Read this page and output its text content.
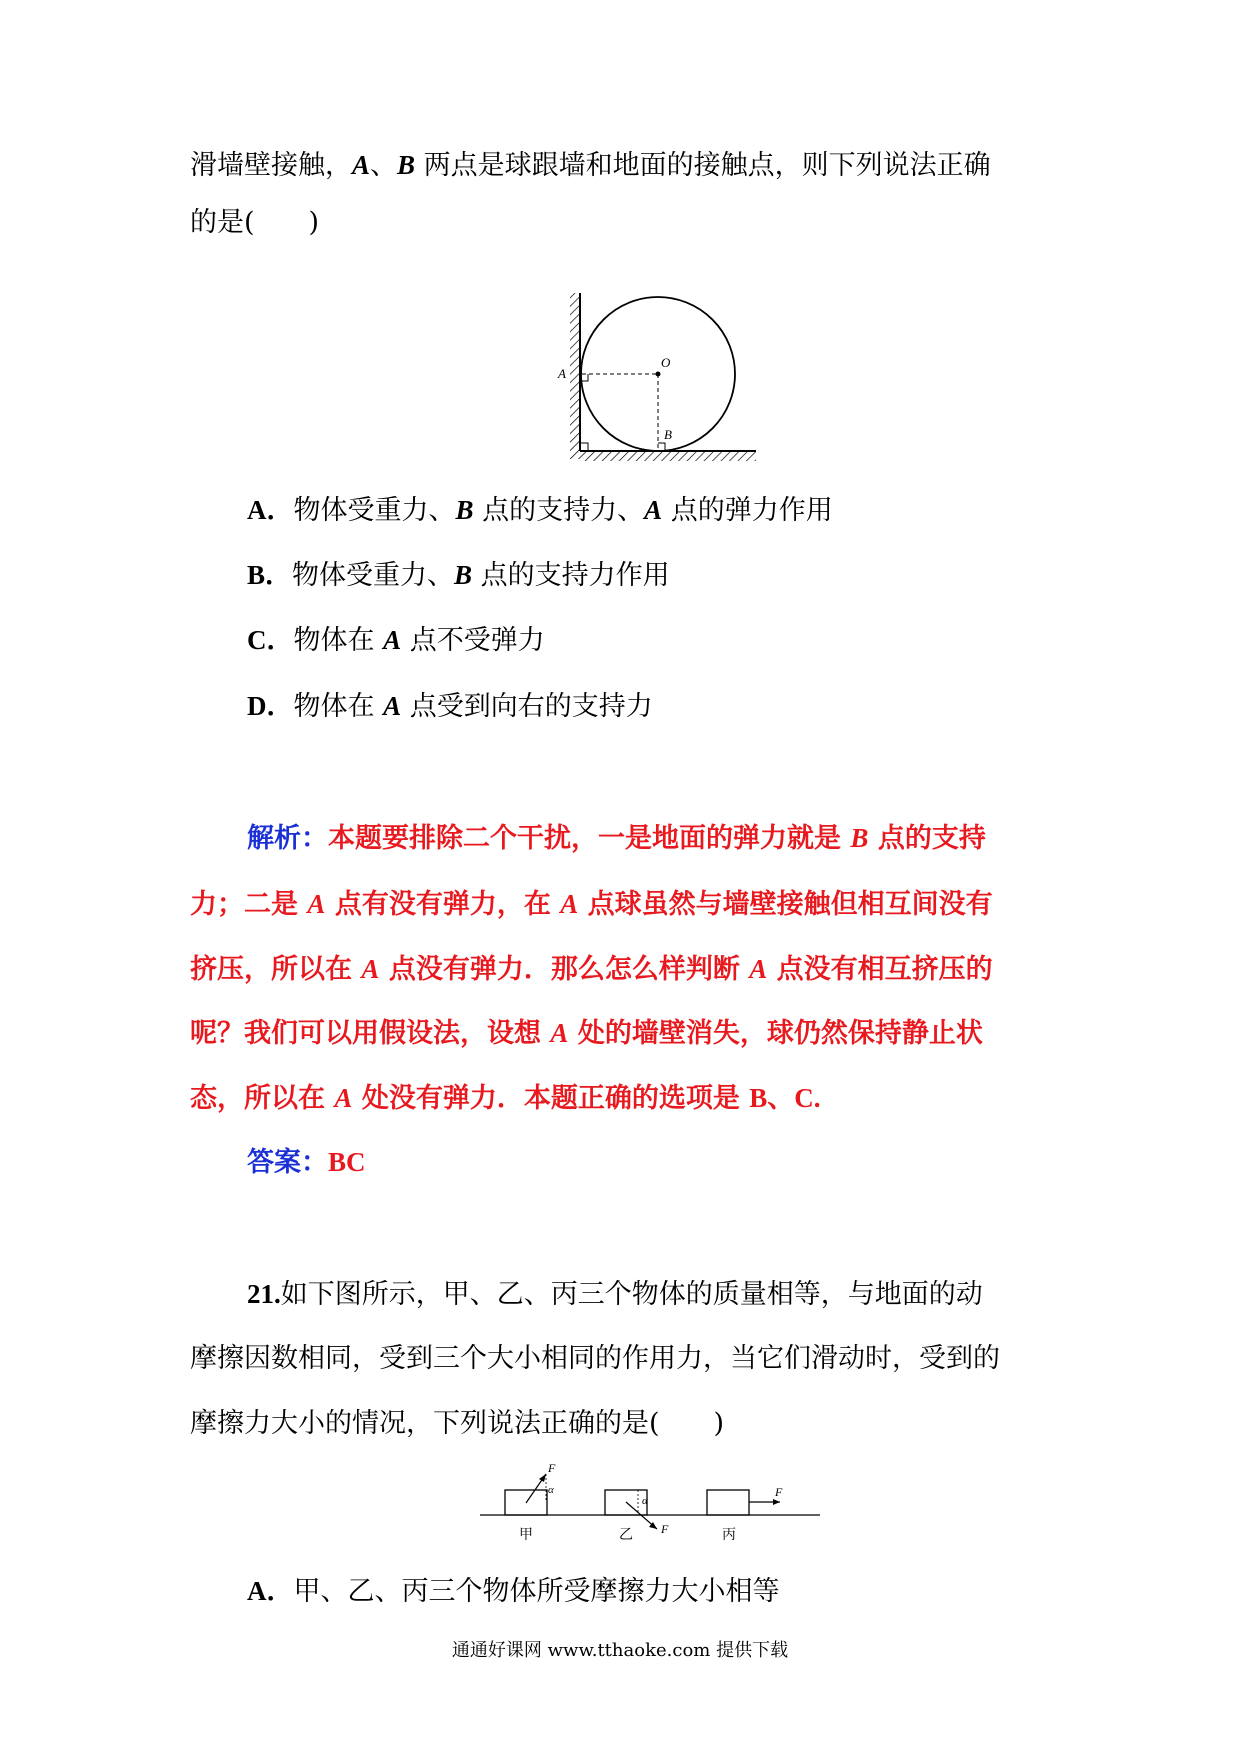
滑墙壁接触，A、B 两点是球跟墙和地面的接触点，则下列说法正确
的是(　　)
A
O
B
A．物体受重力、B 点的支持力、A 点的弹力作用
B．物体受重力、B 点的支持力作用
C．物体在 A 点不受弹力
D．物体在 A 点受到向右的支持力
解析：本题要排除二个干扰，一是地面的弹力就是 B 点的支持
力；二是 A 点有没有弹力，在 A 点球虽然与墙壁接触但相互间没有
挤压，所以在 A 点没有弹力．那么怎么样判断 A 点没有相互挤压的
呢？我们可以用假设法，设想 A 处的墙壁消失，球仍然保持静止状
态，所以在 A 处没有弹力．本题正确的选项是 B、C.
答案：BC
21.如下图所示，甲、乙、丙三个物体的质量相等，与地面的动
摩擦因数相同，受到三个大小相同的作用力，当它们滑动时，受到的
摩擦力大小的情况，下列说法正确的是(　　)
F
α
甲
α
F
乙
F
丙
A．甲、乙、丙三个物体所受摩擦力大小相等
通通好课网 www.tthaoke.com 提供下载
